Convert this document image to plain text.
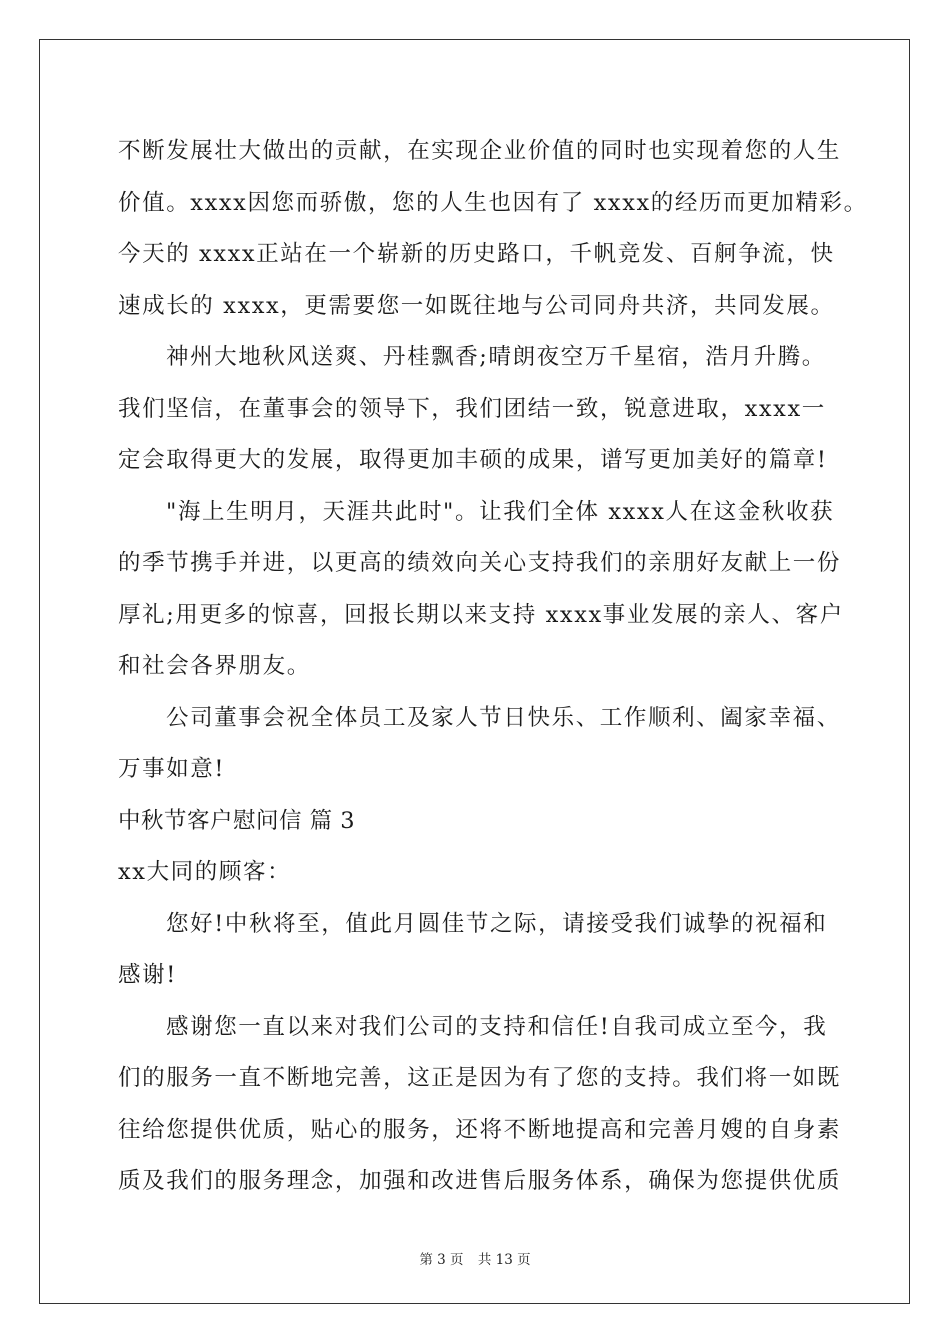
不断发展壮大做出的贡献，在实现企业价值的同时也实现着您的人生
价值。xxxx因您而骄傲，您的人生也因有了 xxxx的经历而更加精彩。
今天的 xxxx正站在一个崭新的历史路口，千帆竞发、百舸争流，快
速成长的 xxxx，更需要您一如既往地与公司同舟共济，共同发展。
神州大地秋风送爽、丹桂飘香;晴朗夜空万千星宿，浩月升腾。
我们坚信，在董事会的领导下，我们团结一致，锐意进取，xxxx一
定会取得更大的发展，取得更加丰硕的成果，谱写更加美好的篇章!
"海上生明月，天涯共此时"。让我们全体 xxxx人在这金秋收获
的季节携手并进，以更高的绩效向关心支持我们的亲朋好友献上一份
厚礼;用更多的惊喜，回报长期以来支持 xxxx事业发展的亲人、客户
和社会各界朋友。
公司董事会祝全体员工及家人节日快乐、工作顺利、阖家幸福、
万事如意!
中秋节客户慰问信 篇 3
xx大同的顾客：
您好!中秋将至，值此月圆佳节之际，请接受我们诚挚的祝福和
感谢!
感谢您一直以来对我们公司的支持和信任!自我司成立至今，我
们的服务一直不断地完善，这正是因为有了您的支持。我们将一如既
往给您提供优质，贴心的服务，还将不断地提高和完善月嫂的自身素
质及我们的服务理念，加强和改进售后服务体系，确保为您提供优质
第 3 页 共 13 页
